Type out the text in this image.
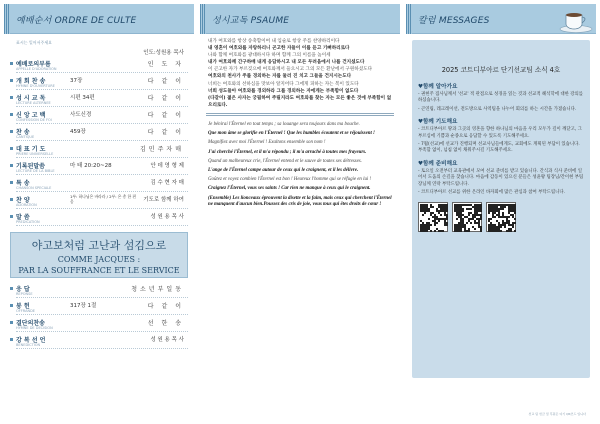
예배순서 ORDRE DE CULTE
표시는 일어서주세요
인도:성원용 목사
예배로의부름
APPELLE D'ADORATION
인 도 자
개 회 찬 송
HYMNE D'OUVERTURE
37장	다 같 이
성 시 교 독
LECTURE ALTERNEE
시편 34편	다 같 이
신 앙 고 백
CONFESSION DE FOI
사도신경	다 같 이
찬 송
CANTIQUE
459장	다 같 이
대 표 기 도
PRIERE UNIVERSELLE
김민주자매
기록된말씀
LECTURE DE LA BIBLE
마 태 20:20~28	안 데 영 형 제
특 송
CHANSON SPECIALE
김 수 현 자 매
찬 양
ADORATION
1부: 하나님은 바라라 / 2부: 은 총 한 편 음	기도로 함께 하여
말 씀
PREDICATION
성 원 용 목 사
야고보처럼 고난과 섬김으로
COMME JACQUES :
PAR LA SOUFFRANCE ET LE SERVICE
응 답
REPONSE
청소년부일동
봉 헌
OFFRANDE
317장 1절	다 같 이
결단의찬송
HYMNE DE DECISION
선 한 송
강 복 선 언
BENEDICTION
성 원 용 목 사
성시교독 PSAUME
내가 여호와를 항상 송축함이여 내 입술로 항상 주를 찬양하리이다
내 영혼이 여호와를 자랑하리니 곤고한 자들이 이를 듣고 기뻐하리로다
나와 함께 여호와를 광대하시다 하며 함께 그의 이름을 높이세
내가 여호와께 간구하매 내게 응답하시고 내 모든 두려움에서 나를 건지셨도다
이 곤고한 자가 부르짖으매 여호와께서 들으시고 그의 모든 환난에서 구원하셨도다
여호와의 천사가 주를 경외하는 자를 둘러 진 치고 그들을 건지시는도다
너희는 여호와의 선하심을 맛보아 알지어다 그에게 피하는 자는 복이 있도다
너희 성도들아 여호와를 경외하라 그를 경외하는 자에게는 부족함이 없도다
(다같이) 젊은 사자는 궁핍하여 주릴지라도 여호와를 찾는 자는 모든 좋은 것에 부족함이 없으리로다.

Je bénirai l'Éternel en tout temps ; sa louange sera toujours dans ma bouche.

Que mon âme se glorifie en l'Éternel ! Que les humbles écoutent et se réjouissent !

Magnifiez avec moi l'Éternel ! Exaltons ensemble son nom !

J'ai cherché l'Éternel, et il m'a répondu ; il m'a arraché à toutes mes frayeurs.

Quand un malheureux crie, l'Éternel entend et le sauve de toutes ses détresses.

L'ange de l'Éternel campe autour de ceux qui le craignent, et il les délivre.

Goûtez et voyez combien l'Éternel est bon ! Heureux l'homme qui se réfugie en lui !

Craignez l'Éternel, vous ses saints ! Car rien ne manque à ceux qui le craignent.

(Ensemble) Les lionceaux éprouvent la disette et la faim, mais ceux qui cherchent l'Éternel ne manquent d'aucun bien.Poussez des cris de joie, vous tous qui êtes droits de cœur !

칼럼 MESSAGES
2025 코트디부아르 단기선교팀 소식 4호
♥함께 알아가요
- 권현주 집사님께서 '선교' 적 관점으로 성경을 읽는 것과 선교적 헤석학에 대한 강의를 하셨습니다.
- 곤연림, 레크레이션, 전도방으로 사역팀을 나누어 회의를 하는 시간을 가졌습니다.
♥함께 기도해요
- 코트디부아르 땅과 그곳의 영혼을 향한 하나님의 마음을 우리 모두가 깊이 깨닫고, 그 부르심에 기쁨과 순종으로 응답할 수 있도록 기도해주세요.
- 7월(선교)에 선교가 진행되며 선교사님들에게도, 교회에도 계획된 부담이 있습니다. 부족함 없이, 넘침 없이 채워주시길 기도해주세요.
♥함께 준비해요
- 토요일 오전부터 교육관에서 모여 선교 준비를 받고 있습니다. 간식과 식사 준비에 일어서 도움의 손길을 찾습니다. 마음에 감동이 있으신 분들은 성윤왕 팀장님/간이현 부팀장님께 연락 부탁드립니다.
- 코트디부아르 선교를 위한 온라인 바자회에 많은 관심과 참여 부탁드립니다.
선교 팀 헌금 및 후원은 여기 QR코드 입니다
